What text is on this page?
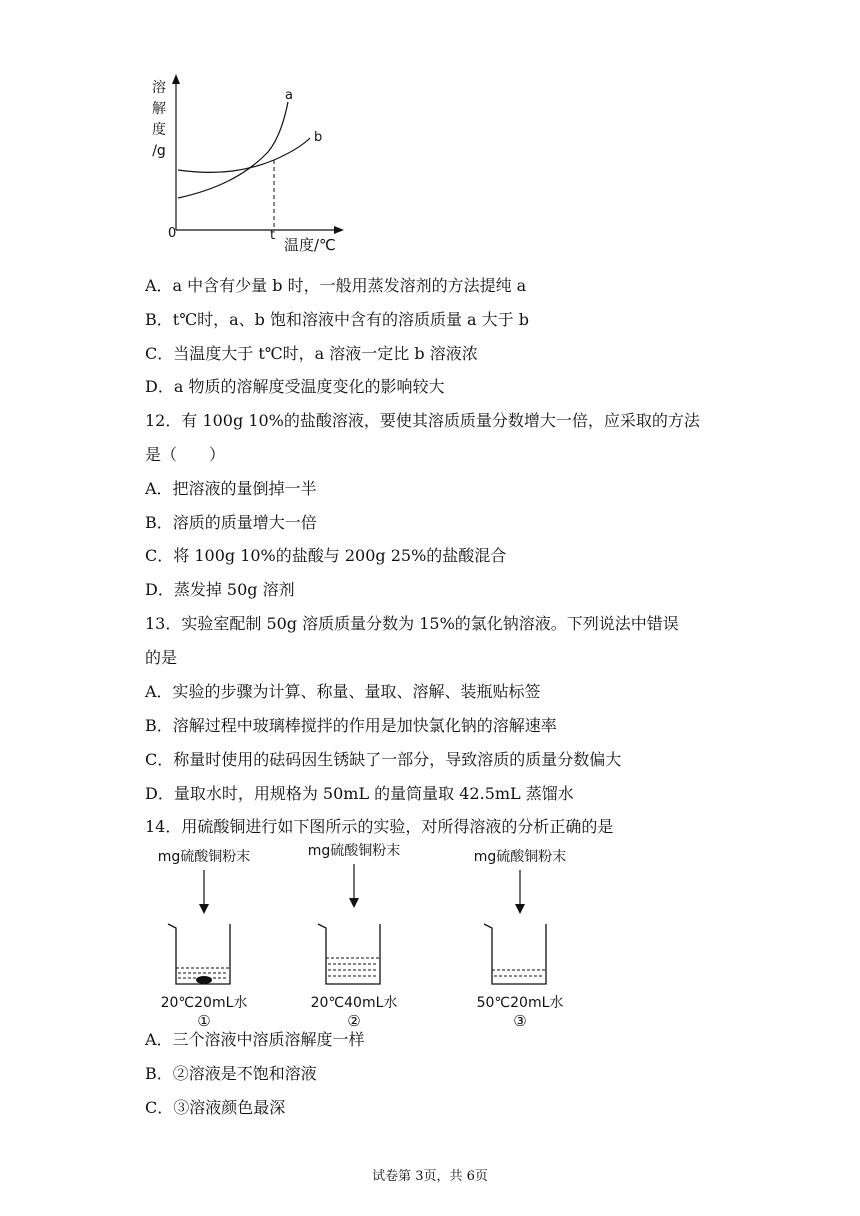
溶
解
度
/g
a
b
0	t
温度/℃
A．a 中含有少量 b 时，一般用蒸发溶剂的方法提纯 a
B．t℃时，a、b 饱和溶液中含有的溶质质量 a 大于 b
C．当温度大于 t℃时，a 溶液一定比 b 溶液浓
D．a 物质的溶解度受温度变化的影响较大
12．有 100g 10%的盐酸溶液，要使其溶质质量分数增大一倍，应采取的方法
是（　　）
A．把溶液的量倒掉一半
B．溶质的质量增大一倍
C．将 100g 10%的盐酸与 200g 25%的盐酸混合
D．蒸发掉 50g 溶剂
13．实验室配制 50g 溶质质量分数为 15%的氯化钠溶液。下列说法中错误
的是
A．实验的步骤为计算、称量、量取、溶解、装瓶贴标签
B．溶解过程中玻璃棒搅拌的作用是加快氯化钠的溶解速率
C．称量时使用的砝码因生锈缺了一部分，导致溶质的质量分数偏大
D．量取水时，用规格为 50mL 的量筒量取 42.5mL 蒸馏水
14．用硫酸铜进行如下图所示的实验，对所得溶液的分析正确的是
mg硫酸铜粉末
20℃20mL水
①
mg硫酸铜粉末
20℃40mL水
②
mg硫酸铜粉末
50℃20mL水
③
A．三个溶液中溶质溶解度一样
B．②溶液是不饱和溶液
C．③溶液颜色最深
试卷第 3页，共 6页
